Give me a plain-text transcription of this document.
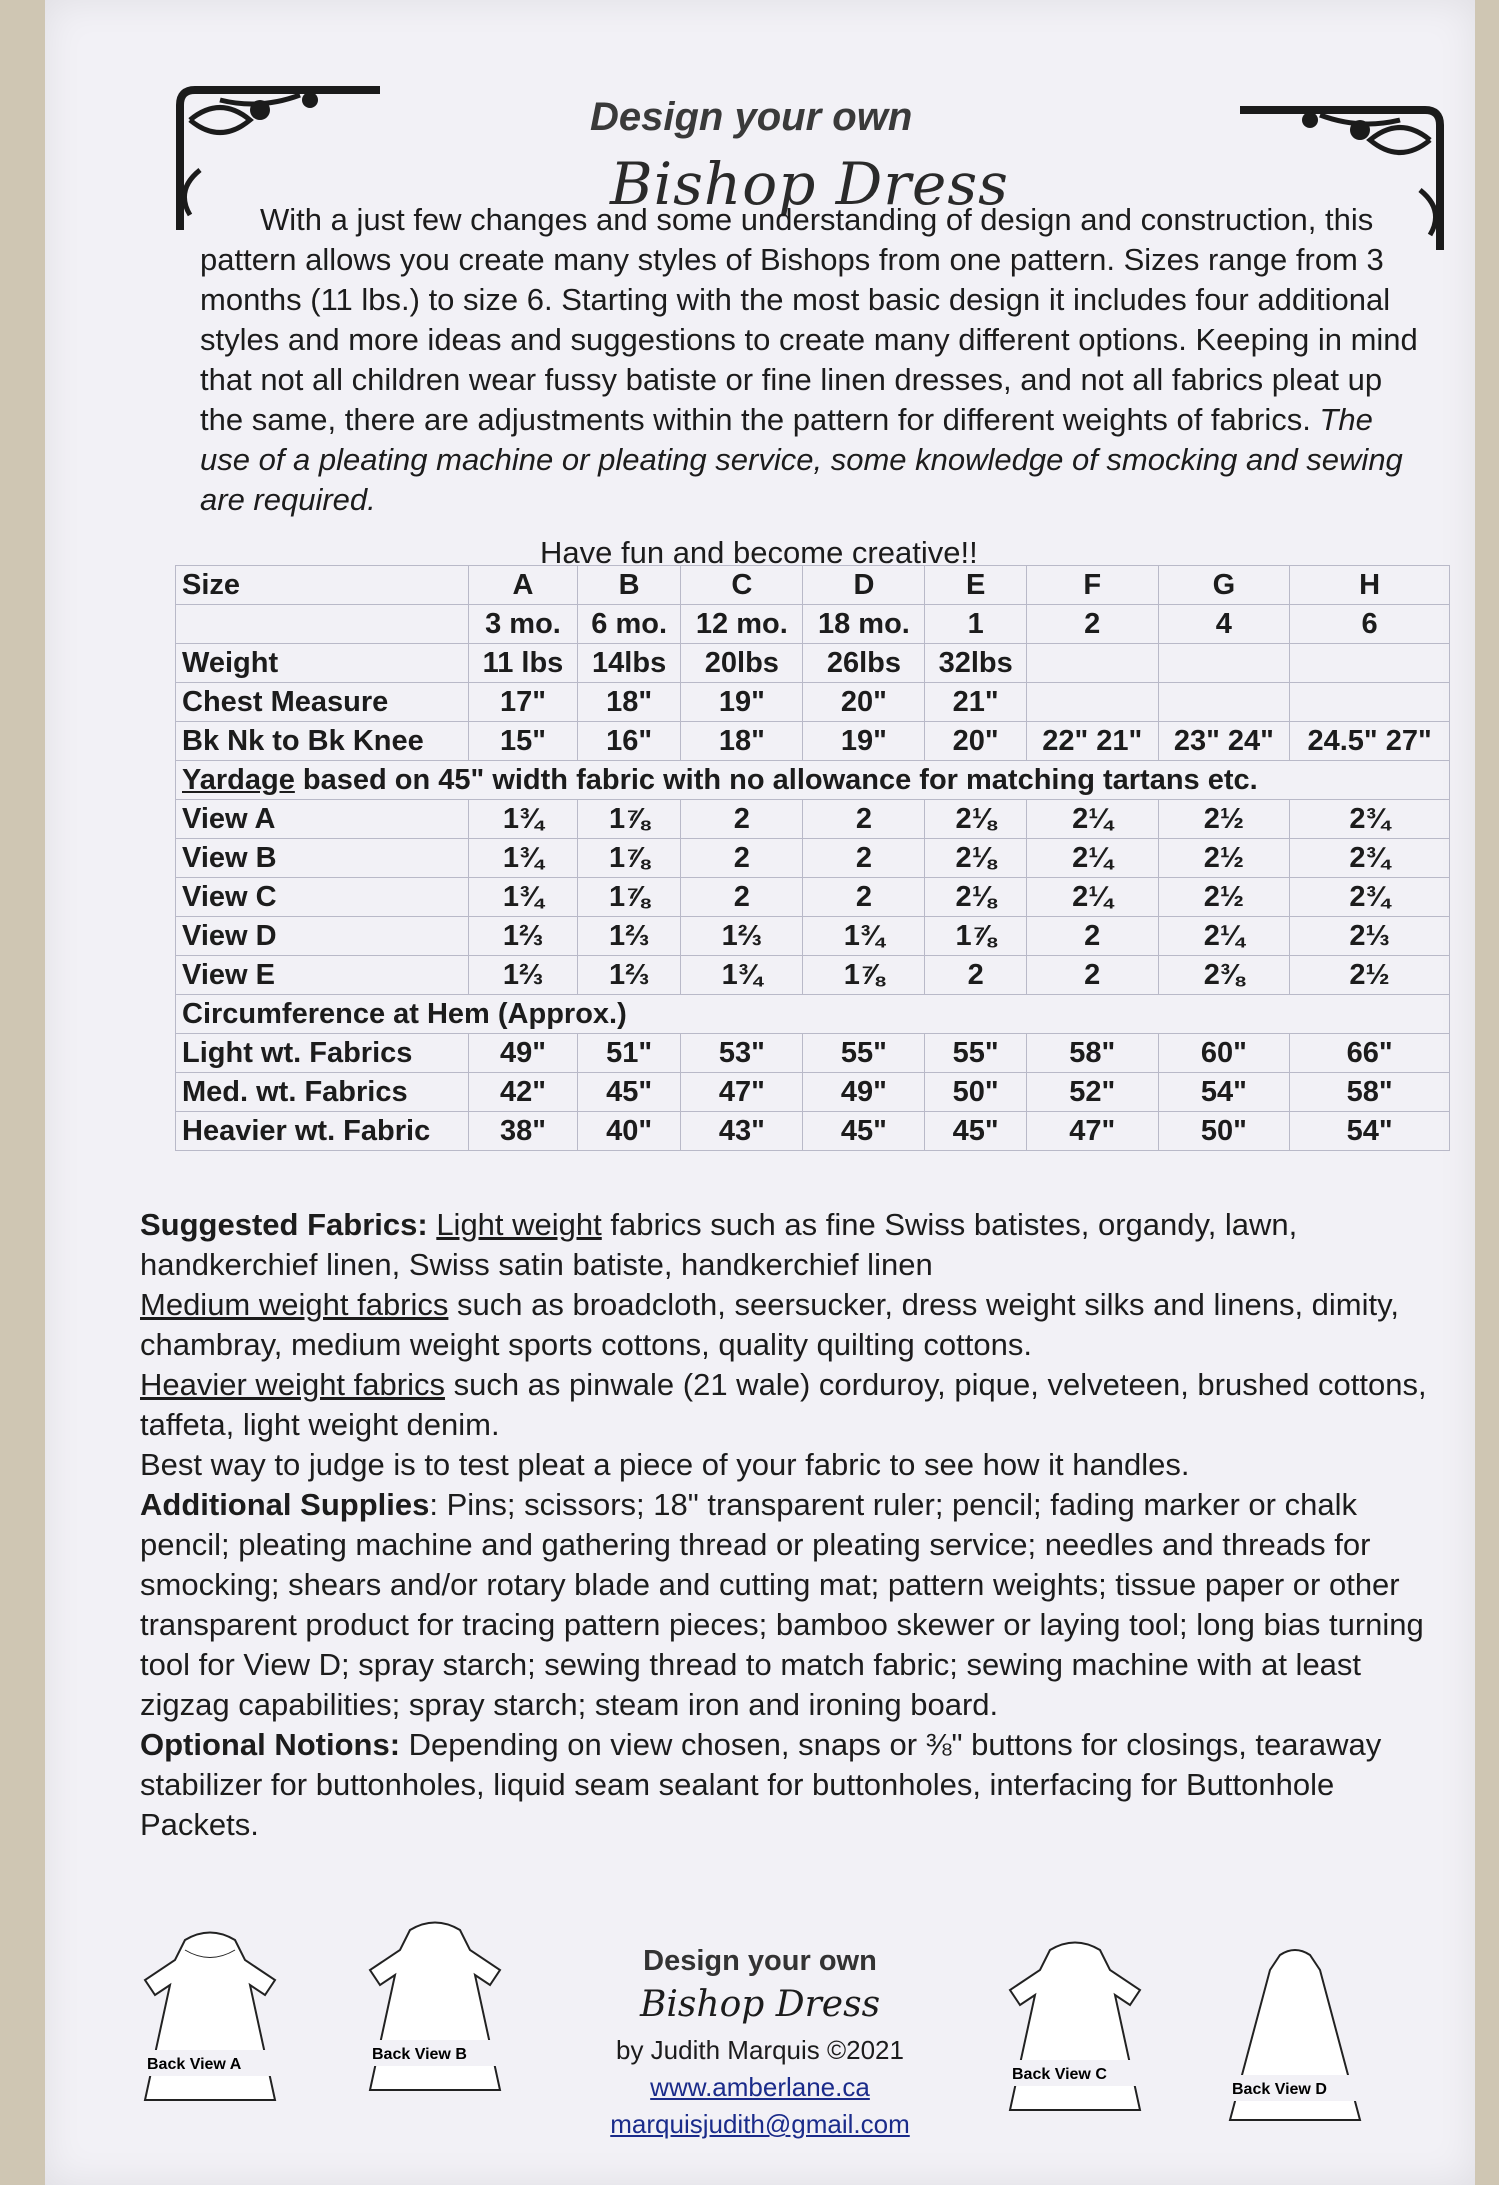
Design your own
Bishop Dress

With a just few changes and some understanding of design and construction, this pattern allows you create many styles of Bishops from one pattern. Sizes range from 3 months (11 lbs.) to size 6. Starting with the most basic design it includes four additional styles and more ideas and suggestions to create many different options. Keeping in mind that not all children wear fussy batiste or fine linen dresses, and not all fabrics pleat up the same, there are adjustments within the pattern for different weights of fabrics. The use of a pleating machine or pleating service, some knowledge of smocking and sewing are required.

Have fun and become creative!!
Size	A	B	C	D	E	F	G	H
	3 mo.	6 mo.	12 mo.	18 mo.	1	2	4	6
Weight	11 lbs	14lbs	20lbs	26lbs	32lbs			
Chest Measure	17"	18"	19"	20"	21"			
Bk Nk to Bk Knee	15"	16"	18"	19"	20"	22" 21"	23" 24"	24.5" 27"
Yardage based on 45" width fabric with no allowance for matching tartans etc.								
View A	1¾	1⅞	2	2	2⅛	2¼	2½	2¾
View B	1¾	1⅞	2	2	2⅛	2¼	2½	2¾
View C	1¾	1⅞	2	2	2⅛	2¼	2½	2¾
View D	1⅔	1⅔	1⅔	1¾	1⅞	2	2¼	2⅓
View E	1⅔	1⅔	1¾	1⅞	2	2	2⅜	2½
Circumference at Hem (Approx.)								
Light wt. Fabrics	49"	51"	53"	55"	55"	58"	60"	66"
Med. wt. Fabrics	42"	45"	47"	49"	50"	52"	54"	58"
Heavier wt. Fabric	38"	40"	43"	45"	45"	47"	50"	54"

Suggested Fabrics: Light weight fabrics such as fine Swiss batistes, organdy, lawn, handkerchief linen, Swiss satin batiste, handkerchief linen

Medium weight fabrics such as broadcloth, seersucker, dress weight silks and linens, dimity, chambray, medium weight sports cottons, quality quilting cottons.

Heavier weight fabrics such as pinwale (21 wale) corduroy, pique, velveteen, brushed cottons, taffeta, light weight denim.

Best way to judge is to test pleat a piece of your fabric to see how it handles.

Additional Supplies: Pins; scissors; 18" transparent ruler; pencil; fading marker or chalk pencil; pleating machine and gathering thread or pleating service; needles and threads for smocking; shears and/or rotary blade and cutting mat; pattern weights; tissue paper or other transparent product for tracing pattern pieces; bamboo skewer or laying tool; long bias turning tool for View D; spray starch; sewing thread to match fabric; sewing machine with at least zigzag capabilities; spray starch; steam iron and ironing board.

Optional Notions: Depending on view chosen, snaps or ⅜" buttons for closings, tearaway stabilizer for buttonholes, liquid seam sealant for buttonholes, interfacing for Buttonhole Packets.

Back View A
Back View B
Back View C
Back View D
Design your own
Bishop Dress
by Judith Marquis ©2021
www.amberlane.ca
marquisjudith@gmail.com
